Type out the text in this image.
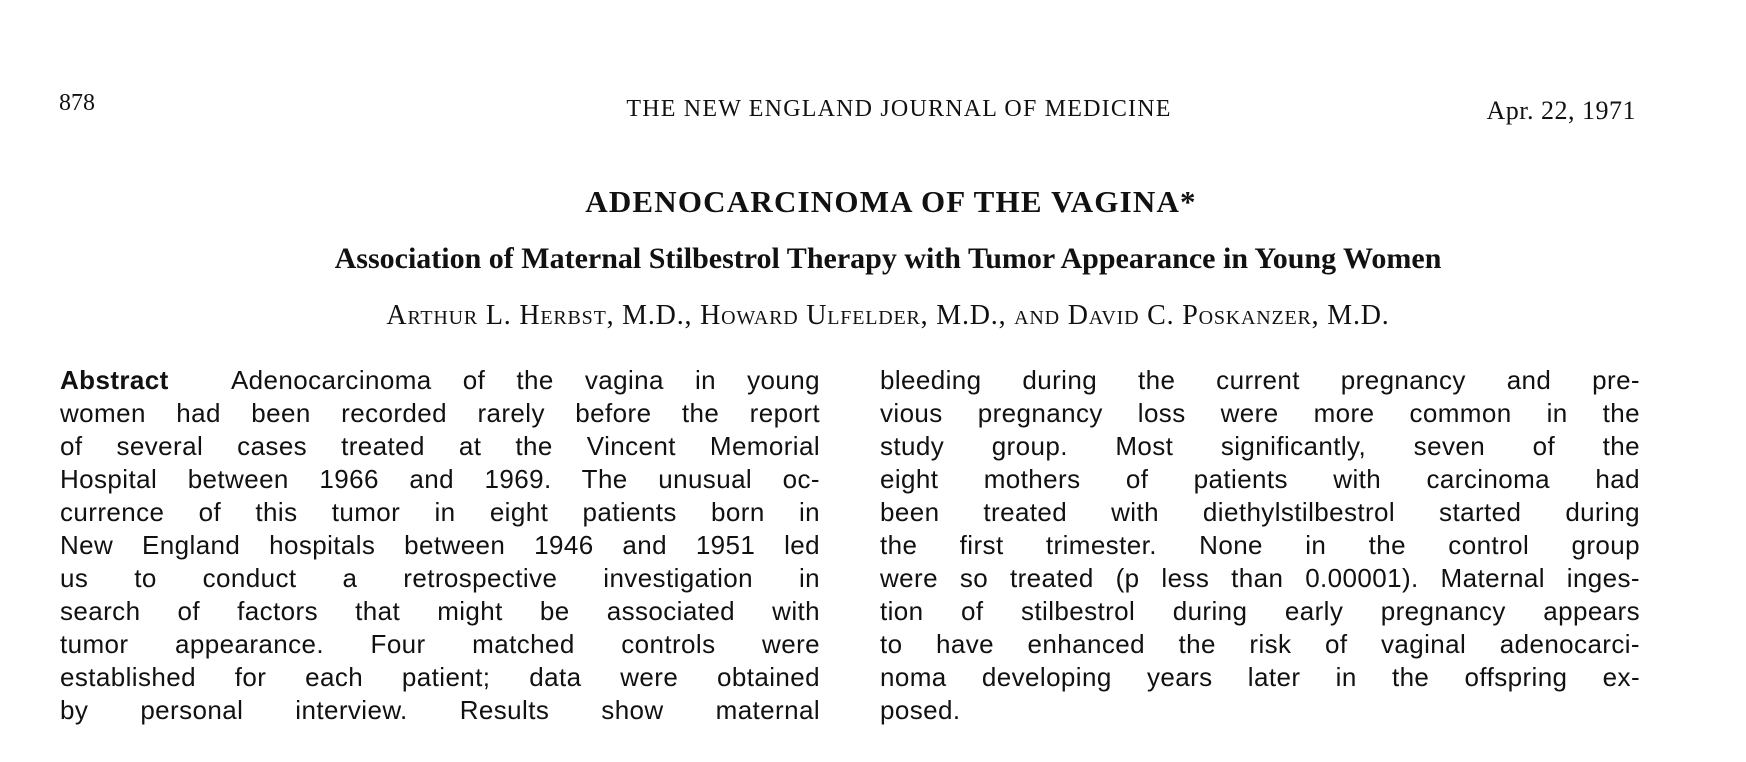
878	THE NEW ENGLAND JOURNAL OF MEDICINE	Apr. 22, 1971
ADENOCARCINOMA OF THE VAGINA*
Association of Maternal Stilbestrol Therapy with Tumor Appearance in Young Women
Arthur L. Herbst, M.D., Howard Ulfelder, M.D., and David C. Poskanzer, M.D.
Abstract Adenocarcinoma of the vagina in young
women had been recorded rarely before the report
of several cases treated at the Vincent Memorial
Hospital between 1966 and 1969. The unusual oc-
currence of this tumor in eight patients born in
New England hospitals between 1946 and 1951 led
us to conduct a retrospective investigation in
search of factors that might be associated with
tumor appearance. Four matched controls were
established for each patient; data were obtained
by personal interview. Results show maternal
bleeding during the current pregnancy and pre-
vious pregnancy loss were more common in the
study group. Most significantly, seven of the
eight mothers of patients with carcinoma had
been treated with diethylstilbestrol started during
the first trimester. None in the control group
were so treated (p less than 0.00001). Maternal inges-
tion of stilbestrol during early pregnancy appears
to have enhanced the risk of vaginal adenocarci-
noma developing years later in the offspring ex-
posed.
